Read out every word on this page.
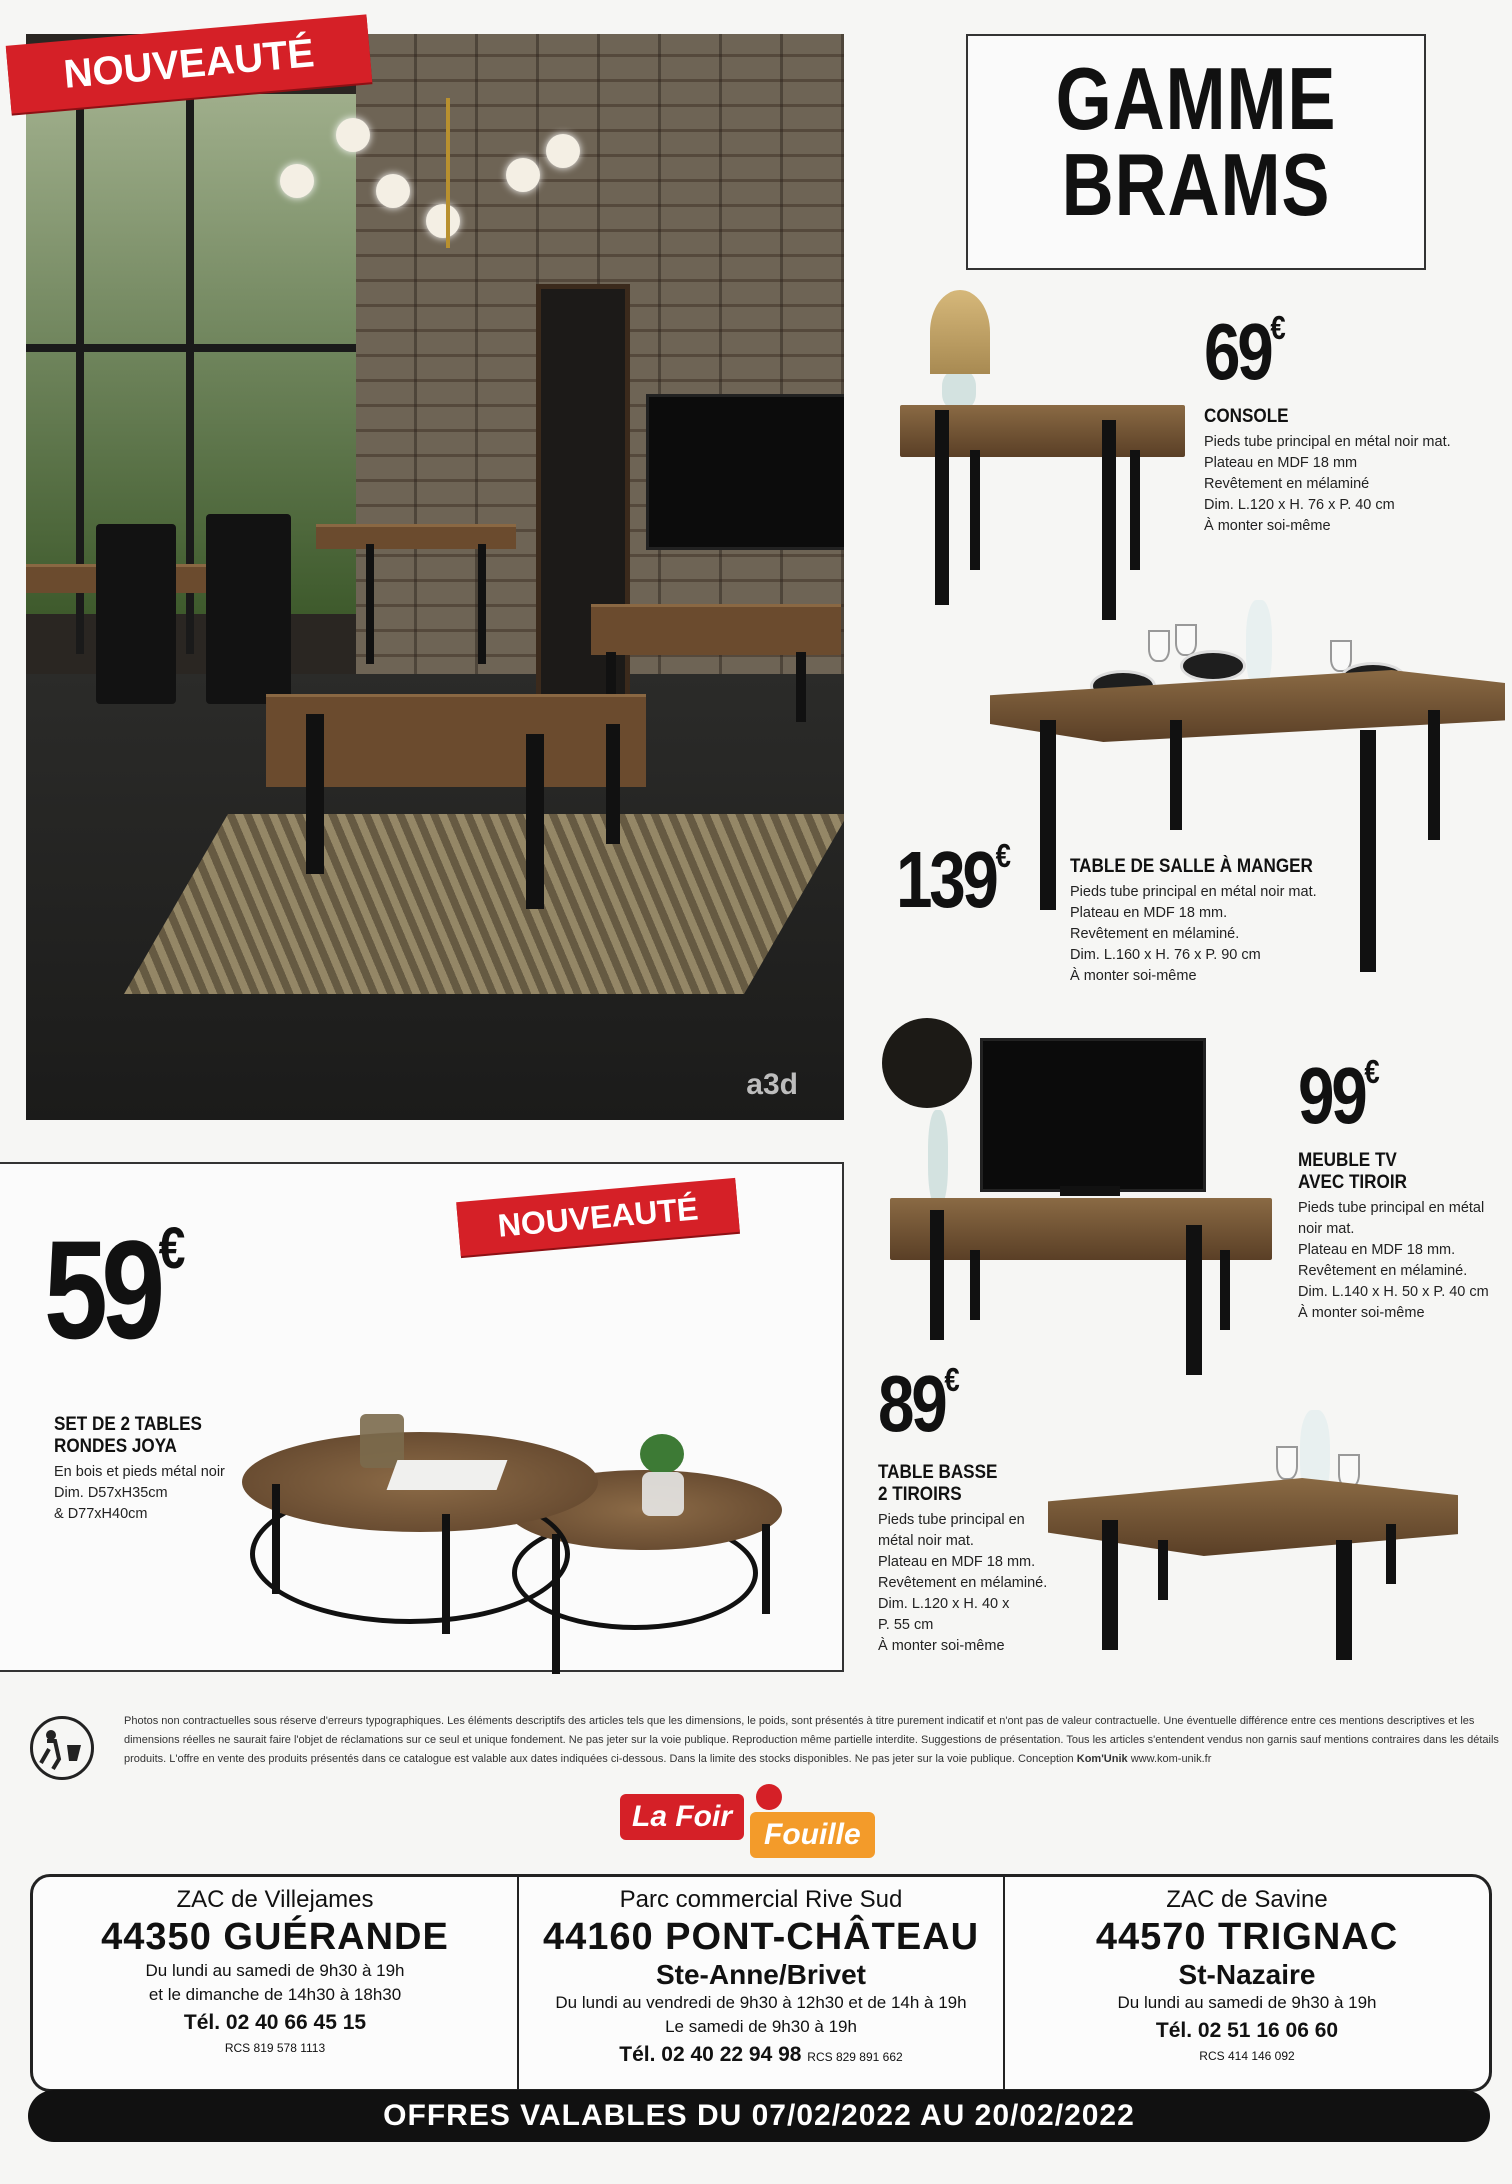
a3d
NOUVEAUTÉ	GAMME
BRAMS
69€
CONSOLE
Pieds tube principal en métal noir mat.
Plateau en MDF 18 mm
Revêtement en mélaminé
Dim. L.120 x H. 76 x P. 40 cm
À monter soi-même
139€	TABLE DE SALLE À MANGER
Pieds tube principal en métal noir mat.
Plateau en MDF 18 mm.
Revêtement en mélaminé.
Dim. L.160 x H. 76 x P. 90 cm
À monter soi-même
99€
MEUBLE TV
AVEC TIROIR
Pieds tube principal en métal
noir mat.
Plateau en MDF 18 mm.
Revêtement en mélaminé.
Dim. L.140 x H. 50 x P. 40 cm
À monter soi-même
89€
TABLE BASSE
2 TIROIRS
Pieds tube principal en
métal noir mat.
Plateau en MDF 18 mm.
Revêtement en mélaminé.
Dim. L.120 x H. 40 x
P. 55 cm
À monter soi-même
59€
SET DE 2 TABLES
RONDES JOYA
En bois et pieds métal noir
Dim. D57xH35cm
& D77xH40cm
NOUVEAUTÉ
Photos non contractuelles sous réserve d'erreurs typographiques. Les éléments descriptifs des articles tels que les dimensions, le poids, sont présentés à titre purement indicatif et n'ont pas de valeur contractuelle. Une éventuelle différence entre ces mentions descriptives et les dimensions réelles ne saurait faire l'objet de réclamations sur ce seul et unique fondement. Ne pas jeter sur la voie publique. Reproduction même partielle interdite. Suggestions de présentation. Tous les articles s'entendent vendus non garnis sauf mentions contraires dans les détails produits. L'offre en vente des produits présentés dans ce catalogue est valable aux dates indiquées ci-dessous. Dans la limite des stocks disponibles. Ne pas jeter sur la voie publique. Conception Kom'Unik www.kom-unik.fr
La Foir
Fouille
ZAC de Villejames
44350 GUÉRANDE
Du lundi au samedi de 9h30 à 19h
et le dimanche de 14h30 à 18h30
Tél. 02 40 66 45 15
RCS 819 578 1113
Parc commercial Rive Sud
44160 PONT-CHÂTEAU
Ste-Anne/Brivet
Du lundi au vendredi de 9h30 à 12h30 et de 14h à 19h
Le samedi de 9h30 à 19h
Tél. 02 40 22 94 98 RCS 829 891 662
ZAC de Savine
44570 TRIGNAC
St-Nazaire
Du lundi au samedi de 9h30 à 19h
Tél. 02 51 16 06 60
RCS 414 146 092
OFFRES VALABLES DU 07/02/2022 AU 20/02/2022
